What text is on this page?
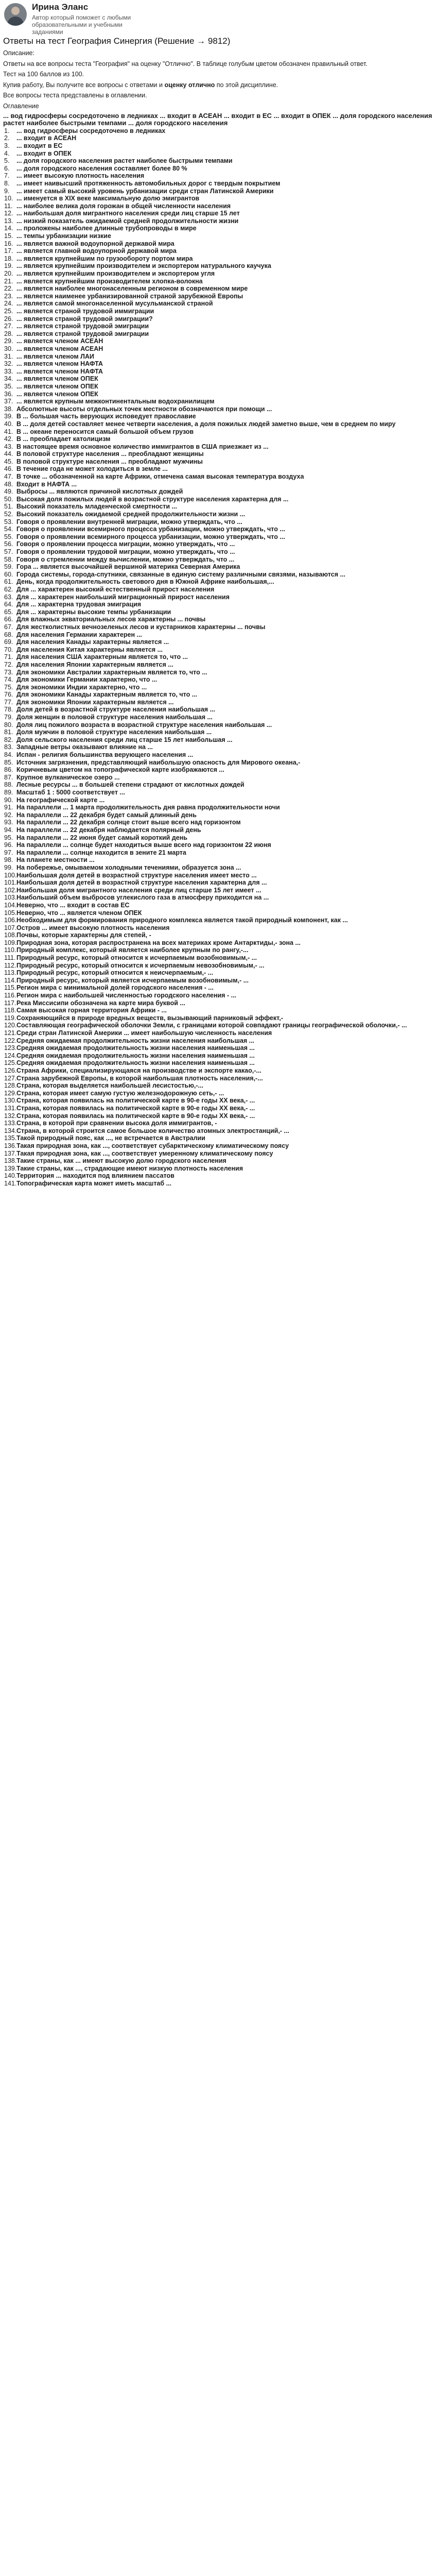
Ирина Эланс
Автор который поможет с любыми образовательными и учебными заданиями
Ответы на тест География Синергия (Решение → 9812)

Описание:

Ответы на все вопросы теста "География" на оценку "Отлично". В таблице голубым цветом обозначен правильный ответ.

Тест на 100 баллов из 100.

Купив работу, Вы получите все вопросы с ответами и оценку отлично по этой дисциплине.

Все вопросы теста представлены в оглавлении.

Оглавление

... вод гидросферы сосредоточено в ледниках ... входит в АСЕАН ... входит в ЕС ... входит в ОПЕК ... доля городского населения растет наиболее быстрыми темпами ... доля городского населения
1.	... вод гидросферы сосредоточено в ледниках
2.	... входит в АСЕАН
3.	... входит в ЕС
4.	... входит в ОПЕК
5.	... доля городского населения растет наиболее быстрыми темпами
6.	... доля городского населения составляет более 80 %
7.	... имеет высокую плотность населения
8.	... имеет наивысший протяженность автомобильных дорог с твердым покрытием
9.	... имеет самый высокий уровень урбанизации среди стран Латинской Америки
10. ... именуется в XIX веке максимальную долю эмигрантов
11. ... наиболее велика доля горожан в общей численности населения
12. ... наибольшая доля мигрантного населения среди лиц старше 15 лет
13. ... низкий показатель ожидаемой средней продолжительности жизни
14. ... проложены наиболее длинные трубопроводы в мире
15. ... темпы урбанизации низкие
16. ... является важной водоупорной державой мира
17. ... является главной водоупорной державой мира
18. ... является крупнейшим по грузообороту портом мира
19. ... является крупнейшим производителем и экспортером натурального каучука
20. ... является крупнейшим производителем и экспортером угля
21. ... является крупнейшим производителем хлопка-волокна
22. ... является наиболее многонаселенным регионом в современном мире
23. ... является наименее урбанизированной страной зарубежной Европы
24. ... является самой многонаселенной мусульманской страной
25. ... является страной трудовой иммиграции
26. ... является страной трудовой эмиграции?
27. ... является страной трудовой эмиграции
28. ... является страной трудовой эмиграции
29. ... является членом АСЕАН
30. ... является членом АСЕАН
31. ... является членом ЛАИ
32. ... является членом НАФТА
33. ... является членом НАФТА
34. ... является членом ОПЕК
35. ... является членом ОПЕК
36. ... является членом ОПЕК
37. ... является крупным межконтинентальным водохранилищем
38. Абсолютные высоты отдельных точек местности обозначаются при помощи ...
39. В ... большая часть верующих исповедует православие
40. В ... доля детей составляет менее четверти населения, а доля пожилых людей заметно выше, чем в среднем по миру
41. В ... океане переносится самый большой объем грузов
42. В ... преобладает католицизм
43. В настоящее время основное количество иммигрантов в США приезжает из ...
44. В половой структуре населения ... преобладают женщины
45. В половой структуре населения ... преобладают мужчины
46. В течение года не может холодиться в земле ...
47. В точке ... обозначенной на карте Африки, отмечена самая высокая температура воздуха
48. Входит в НАФТА ...
49. Выбросы ... являются причиной кислотных дождей
50. Высокая доля пожилых людей в возрастной структуре населения характерна для ...
51. Высокий показатель младенческой смертности ...
52. Высокий показатель ожидаемой средней продолжительности жизни ...
53. Говоря о проявлении внутренней миграции, можно утверждать, что ...
54. Говоря о проявлении всемирного процесса урбанизации, можно утверждать, что ...
55. Говоря о проявлении всемирного процесса урбанизации, можно утверждать, что ...
56. Говоря о проявлении процесса миграции, можно утверждать, что ...
57. Говоря о проявлении трудовой миграции, можно утверждать, что ...
58. Говоря о стремлении между вычислении, можно утверждать, что ...
59. Гора ... является высочайшей вершиной материка Северная Америка
60. Города системы, города-спутники, связанные в единую систему различными связями, называются ...
61. День, когда продолжительность светового дня в Южной Африке наибольшая,...
62. Для ... характерен высокий естественный прирост населения
63. Для ... характерен наибольший миграционный прирост населения
64. Для ... характерна трудовая эмиграция
65. Для ... характерны высокие темпы урбанизации
66. Для влажных экваториальных лесов характерны ... почвы
67. Для жестколистных вечнозеленых лесов и кустарников характерны ... почвы
68. Для населения Германии характерен ...
69. Для населения Канады характерны является ...
70. Для населения Китая характерны является ...
71. Для населения США характерным является то, что ...
72. Для населения Японии характерным является ...
73. Для экономики Австралии характерным является то, что ...
74. Для экономики Германии характерно, что ...
75. Для экономики Индии характерно, что ...
76. Для экономики Канады характерным является то, что ...
77. Для экономики Японии характерным является ...
78. Доля детей в возрастной структуре населения наибольшая ...
79. Доля женщин в половой структуре населения наибольшая ...
80. Доля лиц пожилого возраста в возрастной структуре населения наибольшая ...
81. Доля мужчин в половой структуре населения наибольшая ...
82. Доля сельского населения среди лиц старше 15 лет наибольшая ...
83. Западные ветры оказывают влияние на ...
84. Испан - религия большинства верующего населения ...
85. Источник загрязнения, представляющий наибольшую опасность для Мирового океана,-
86. Коричневым цветом на топографической карте изображаются ...
87. Крупное вулканическое озеро ...
88. Лесные ресурсы ... в большей степени страдают от кислотных дождей
89. Масштаб 1 : 5000 соответствует ...
90. На географической карте ...
91. На параллели ... 1 марта продолжительность дня равна продолжительности ночи
92. На параллели ... 22 декабря будет самый длинный день
93. На параллели ... 22 декабря солнце стоит выше всего над горизонтом
94. На параллели ... 22 декабря наблюдается полярный день
95. На параллели ... 22 июня будет самый короткий день
96. На параллели ... солнце будет находиться выше всего над горизонтом 22 июня
97. На параллели ... солнце находится в зените 21 марта
98. На планете местности ...
99. На побережье, омываемом холодными течениями, образуется зона ...
100. Наибольшая доля детей в возрастной структуре населения имеет место ...
101. Наибольшая доля детей в возрастной структуре населения характерна для ...
102. Наибольшая доля мигрантного населения среди лиц старше 15 лет имеет ...
103. Наибольший объем выбросов углекислого газа в атмосферу приходится на ...
104. Неверно, что ... входит в состав ЕС
105. Неверно, что ... является членом ОПЕК
106. Необходимым для формирования природного комплекса является такой природный компонент, как ...
107. Остров ... имеет высокую плотность населения
108. Почвы, которые характерны для степей, -
109. Природная зона, которая распространена на всех материках кроме Антарктиды,- зона ...
110. Природный комплекс, который является наиболее крупным по рангу,-...
111. Природный ресурс, который относится к исчерпаемым возобновимым,- ...
112. Природный ресурс, который относится к исчерпаемым невозобновимым,- ...
113. Природный ресурс, который относится к неисчерпаемым,- ...
114. Природный ресурс, который является исчерпаемым возобновимым,- ...
115. Регион мира с минимальной долей городского населения - ...
116. Регион мира с наибольшей численностью городского населения - ...
117. Река Миссисипи обозначена на карте мира буквой ...
118. Самая высокая горная территория Африки - ...
119. Сохраняющийся в природе вредных веществ, вызывающий парниковый эффект,-
120. Составляющая географической оболочки Земли, с границами которой совпадают границы географической оболочки,- ...
121. Среди стран Латинской Америки ... имеет наибольшую численность населения
122. Средняя ожидаемая продолжительность жизни населения наибольшая ...
123. Средняя ожидаемая продолжительность жизни населения наименьшая ...
124. Средняя ожидаемая продолжительность жизни населения наименьшая ...
125. Средняя ожидаемая продолжительность жизни населения наименьшая ...
126. Страна Африки, специализирующаяся на производстве и экспорте какао,-...
127. Страна зарубежной Европы, в которой наибольшая плотность населения,-...
128. Страна, которая выделяется наибольшей лесистостью,-...
129. Страна, которая имеет самую густую железнодорожную сеть,- ...
130. Страна, которая появилась на политической карте в 90-е годы XX века,- ...
131. Страна, которая появилась на политической карте в 90-е годы XX века,- ...
132. Страна, которая появилась на политической карте в 90-е годы XX века,- ...
133. Страна, в которой при сравнении высока доля иммигрантов, -
134. Страна, в которой строится самое большое количество атомных электростанций,- ...
135. Такой природный пояс, как ..., не встречается в Австралии
136. Такая природная зона, как ..., соответствует субарктическому климатическому поясу
137. Такая природная зона, как ..., соответствует умеренному климатическому поясу
138. Такие страны, как ... имеют высокую долю городского населения
139. Такие страны, как ..., страдающие имеют низкую плотность населения
140. Территория ... находится под влиянием пассатов
141. Топографическая карта может иметь масштаб ...
